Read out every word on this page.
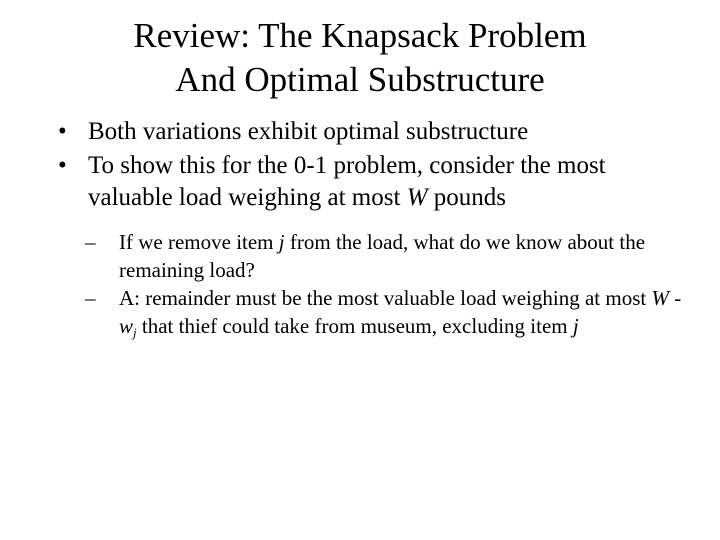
Review: The Knapsack Problem
And Optimal Substructure
• Both variations exhibit optimal substructure
• To show this for the 0-1 problem, consider the most valuable load weighing at most W pounds
– If we remove item j from the load, what do we know about the remaining load?
– A: remainder must be the most valuable load weighing at most W - $w_j$ that thief could take from museum, excluding item j
